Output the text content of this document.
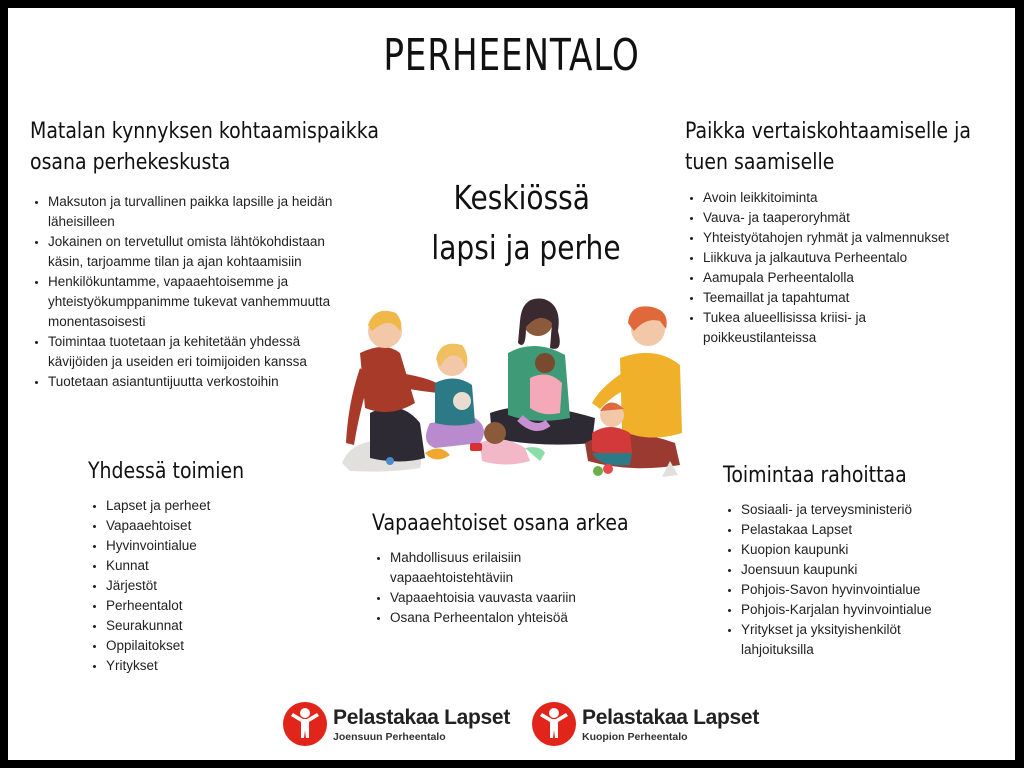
PERHEENTALO
Matalan kynnyksen kohtaamispaikka
osana perhekeskusta
• Maksuton ja turvallinen paikka lapsille ja heidän läheisilleen
• Jokainen on tervetullut omista lähtökohdistaan käsin, tarjoamme tilan ja ajan kohtaamisiin
• Henkilökuntamme, vapaaehtoisemme ja yhteistyökumppanimme tukevat vanhemmuutta monentasoisesti
• Toimintaa tuotetaan ja kehitetään yhdessä kävijöiden ja useiden eri toimijoiden kanssa
• Tuotetaan asiantuntijuutta verkostoihin
Paikka vertaiskohtaamiselle ja
tuen saamiselle
• Avoin leikkitoiminta
• Vauva- ja taaperoryhmät
• Yhteistyötahojen ryhmät ja valmennukset
• Liikkuva ja jalkautuva Perheentalo
• Aamupala Perheentalolla
• Teemaillat ja tapahtumat
• Tukea alueellisissa kriisi- ja poikkeustilanteissa
Keskiössä
lapsi ja perhe
Yhdessä toimien
• Lapset ja perheet
• Vapaaehtoiset
• Hyvinvointialue
• Kunnat
• Järjestöt
• Perheentalot
• Seurakunnat
• Oppilaitokset
• Yritykset
Vapaaehtoiset osana arkea
• Mahdollisuus erilaisiin vapaaehtoistehtäviin
• Vapaaehtoisia vauvasta vaariin
• Osana Perheentalon yhteisöä
Toimintaa rahoittaa
• Sosiaali- ja terveysministeriö
• Pelastakaa Lapset
• Kuopion kaupunki
• Joensuun kaupunki
• Pohjois-Savon hyvinvointialue
• Pohjois-Karjalan hyvinvointialue
• Yritykset ja yksityishenkilöt lahjoituksilla
Pelastakaa Lapset
Joensuun Perheentalo
Pelastakaa Lapset
Kuopion Perheentalo
